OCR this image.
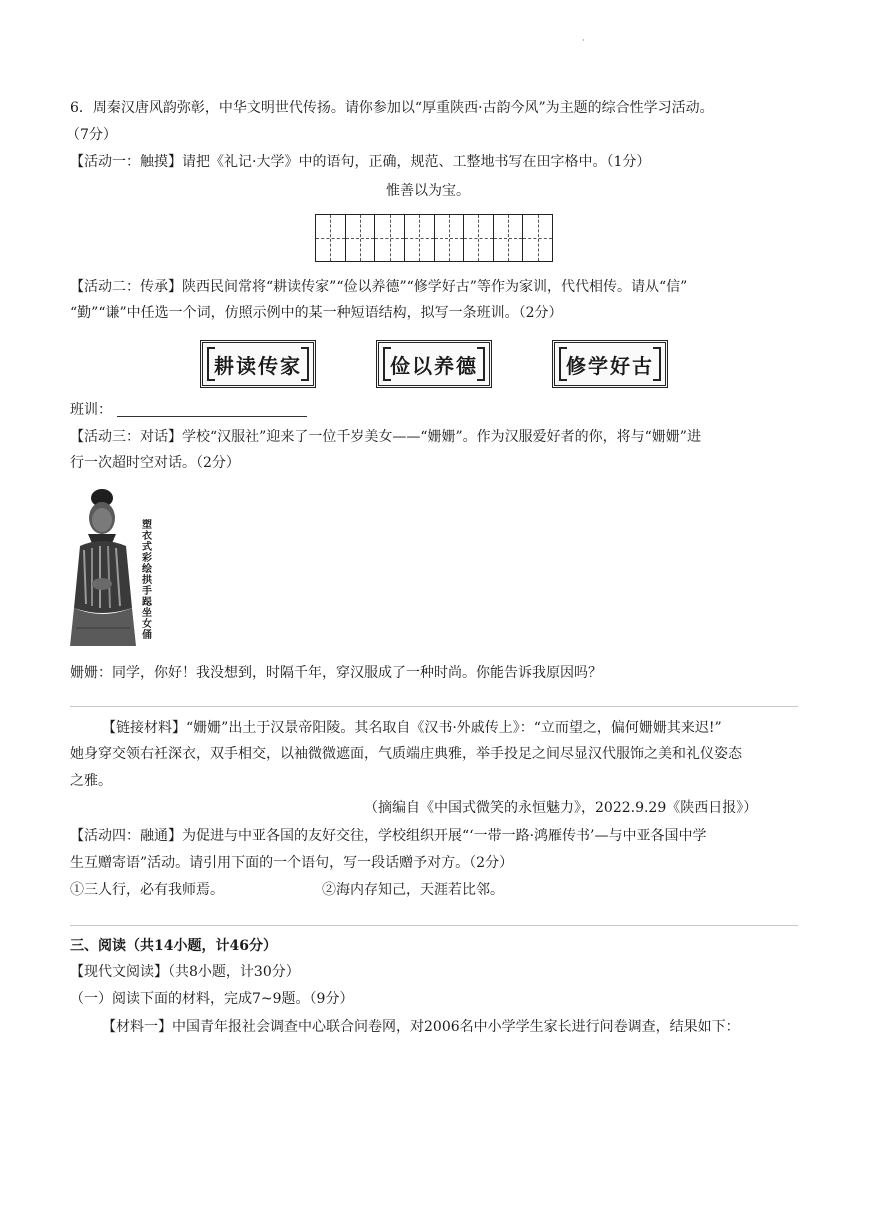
·
6．周秦汉唐风韵弥彰，中华文明世代传扬。请你参加以“厚重陕西·古韵今风”为主题的综合性学习活动。
（7分）
【活动一：触摸】请把《礼记·大学》中的语句，正确，规范、工整地书写在田字格中。（1分）
惟善以为宝。
【活动二：传承】陕西民间常将“耕读传家”“俭以养德”“修学好古”等作为家训，代代相传。请从“信”
“勤”“谦”中任选一个词，仿照示例中的某一种短语结构，拟写一条班训。（2分）
耕读传家	俭以养德	修学好古
班训：
【活动三：对话】学校“汉服社”迎来了一位千岁美女——“姗姗”。作为汉服爱好者的你，将与“姗姗”进
行一次超时空对话。（2分）
塑衣式彩绘拱手跽坐女俑
姗姗：同学，你好！我没想到，时隔千年，穿汉服成了一种时尚。你能告诉我原因吗？
【链接材料】“姗姗”出土于汉景帝阳陵。其名取自《汉书·外戚传上》：“立而望之，偏何姗姗其来迟!”
她身穿交领右衽深衣，双手相交，以袖微微遮面，气质端庄典雅，举手投足之间尽显汉代服饰之美和礼仪姿态
之雅。
（摘编自《中国式微笑的永恒魅力》，2022.9.29《陕西日报》）
【活动四：融通】为促进与中亚各国的友好交往，学校组织开展“‘一带一路·鸿雁传书’—与中亚各国中学
生互赠寄语”活动。请引用下面的一个语句，写一段话赠予对方。（2分）
①三人行，必有我师焉。	②海内存知己，天涯若比邻。
三、阅读（共14小题，计46分）
【现代文阅读】（共8小题，计30分）
（一）阅读下面的材料，完成7~9题。（9分）
【材料一】中国青年报社会调查中心联合问卷网，对2006名中小学学生家长进行问卷调查，结果如下：
